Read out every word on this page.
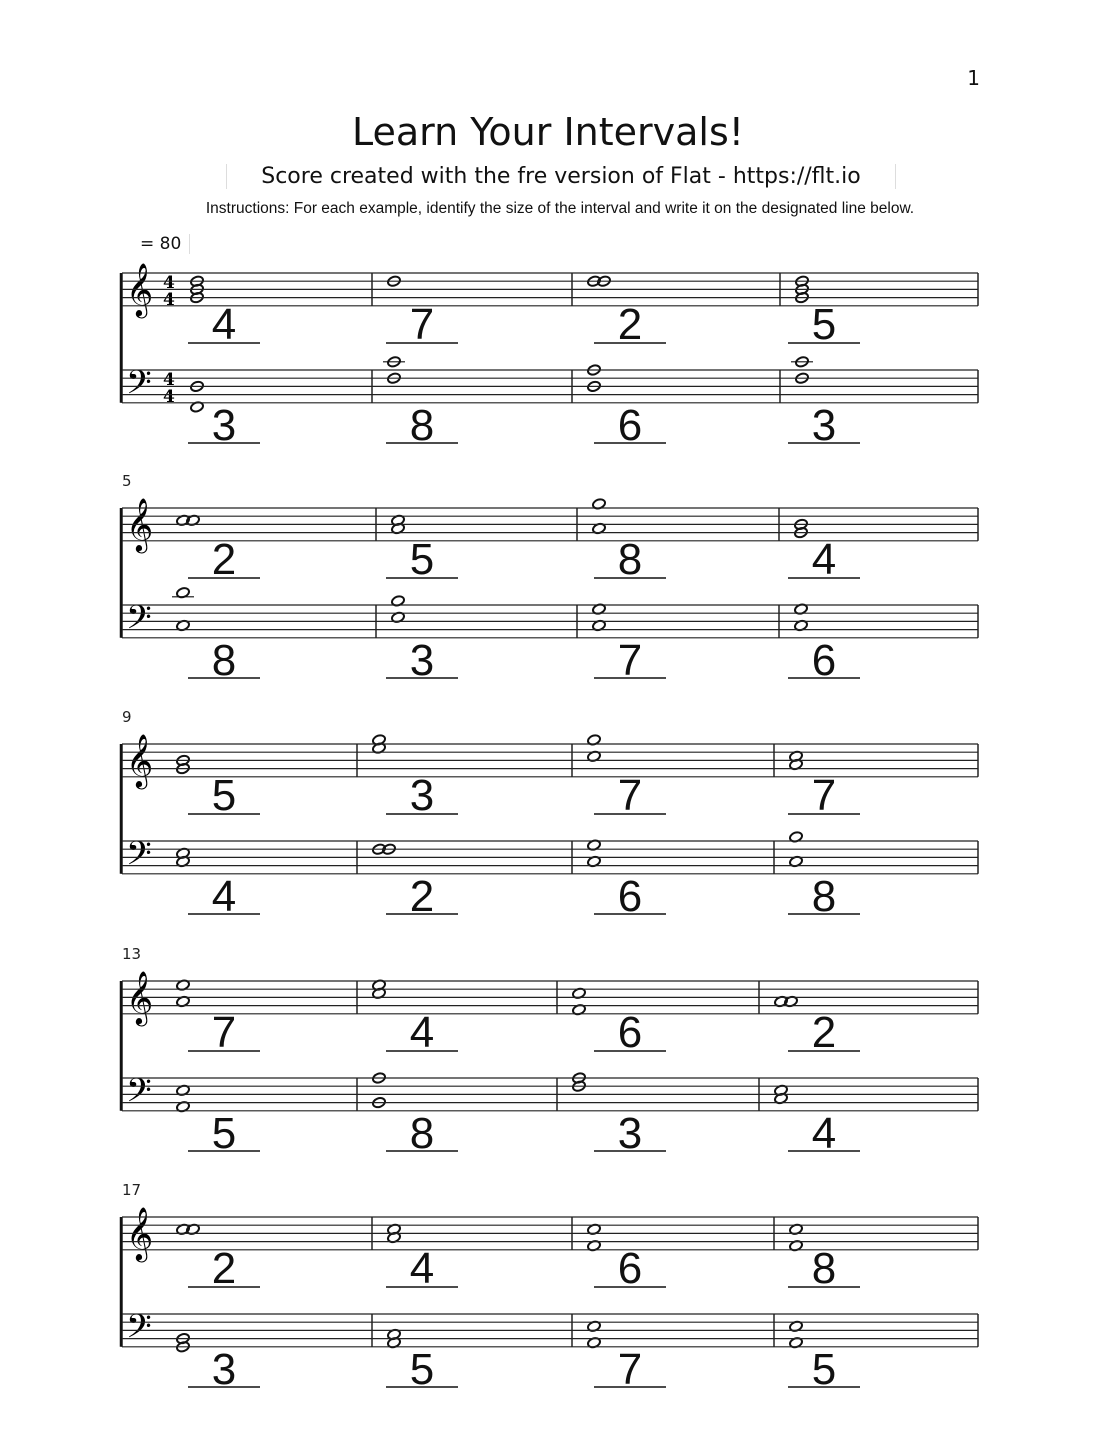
1
Learn Your Intervals!
Score created with the fre version of Flat - https://flt.io
Instructions: For each example, identify the size of the interval and write it on the designated line below.
= 80
𝄞
𝄢
4
4
4
4
4
3
7
8
2
6
5
3
5
𝄞
𝄢
2
8
5
3
8
7
4
6
9
𝄞
𝄢
5
4
3
2
7
6
7
8
13
𝄞
𝄢
7
5
4
8
6
3
2
4
17
𝄞
𝄢
2
3
4
5
6
7
8
5
